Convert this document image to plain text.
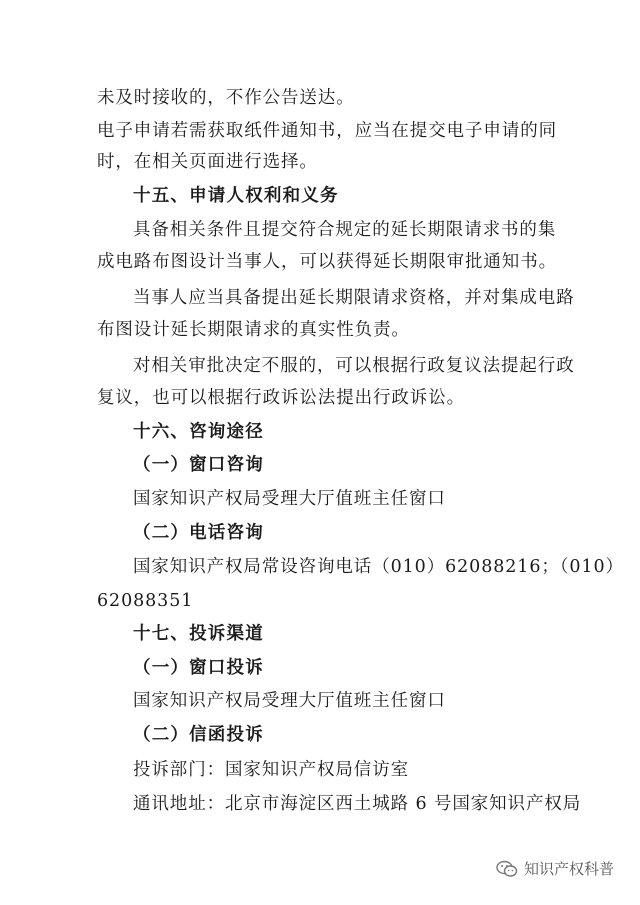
未及时接收的，不作公告送达。
电子申请若需获取纸件通知书，应当在提交电子申请的同
时，在相关页面进行选择。
十五、申请人权利和义务
具备相关条件且提交符合规定的延长期限请求书的集
成电路布图设计当事人，可以获得延长期限审批通知书。
当事人应当具备提出延长期限请求资格，并对集成电路
布图设计延长期限请求的真实性负责。
对相关审批决定不服的，可以根据行政复议法提起行政
复议，也可以根据行政诉讼法提出行政诉讼。
十六、咨询途径
（一）窗口咨询
国家知识产权局受理大厅值班主任窗口
（二）电话咨询
国家知识产权局常设咨询电话（010）62088216；（010）
62088351
十七、投诉渠道
（一）窗口投诉
国家知识产权局受理大厅值班主任窗口
（二）信函投诉
投诉部门：国家知识产权局信访室
通讯地址：北京市海淀区西土城路 6 号国家知识产权局
知识产权科普
